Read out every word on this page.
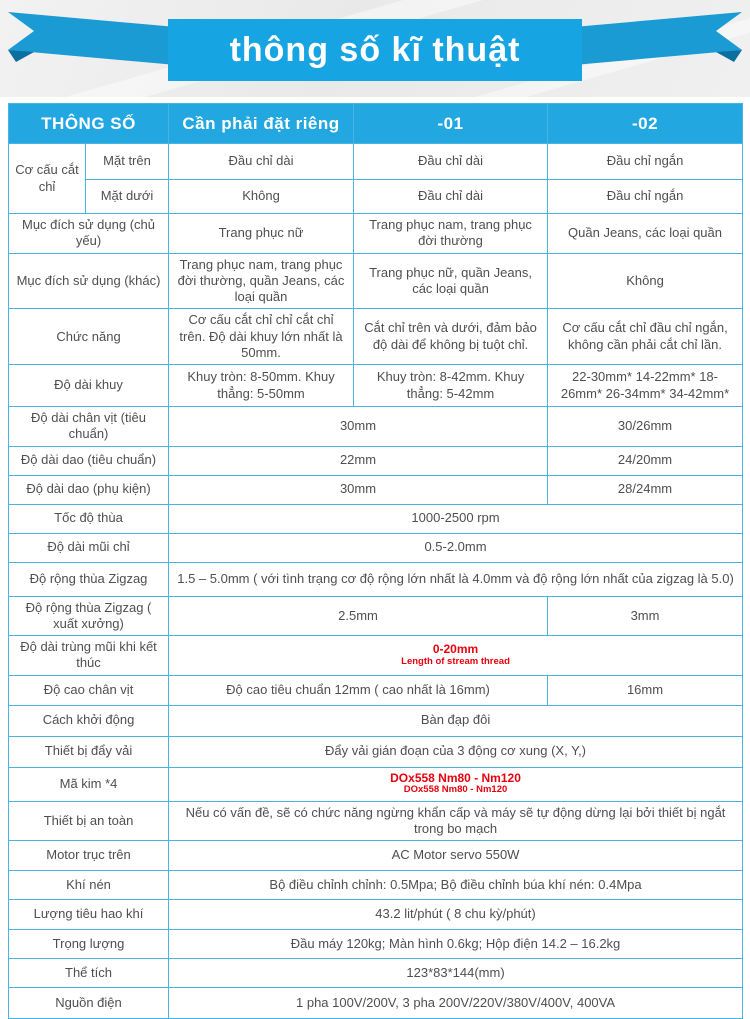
thông số kĩ thuật
THÔNG SỐ		Cần phải đặt riêng	-01	-02
Cơ cấu cắt chỉ	Mặt trên	Đầu chỉ dài	Đầu chỉ dài	Đầu chỉ ngắn
	Mặt dưới	Không	Đầu chỉ dài	Đầu chỉ ngắn
Mục đích sử dụng (chủ yếu)		Trang phục nữ	Trang phục nam, trang phục đời thường	Quần Jeans, các loại quần
Mục đích sử dụng (khác)		Trang phục nam, trang phục đời thường, quần Jeans, các loại quần	Trang phục nữ, quần Jeans, các loại quần	Không
Chức năng		Cơ cấu cắt chỉ chỉ cắt chỉ trên. Độ dài khuy lớn nhất là 50mm.	Cắt chỉ trên và dưới, đảm bảo độ dài để không bị tuột chỉ.	Cơ cấu cắt chỉ đầu chỉ ngắn, không cần phải cắt chỉ lần.
Độ dài khuy		Khuy tròn: 8-50mm. Khuy thẳng: 5-50mm	Khuy tròn: 8-42mm. Khuy thẳng: 5-42mm	22-30mm* 14-22mm* 18-26mm* 26-34mm* 34-42mm*
Độ dài chân vịt (tiêu chuẩn)		30mm		30/26mm
Độ dài dao (tiêu chuẩn)		22mm		24/20mm
Độ dài dao (phụ kiện)		30mm		28/24mm
Tốc độ thùa		1000-2500 rpm		
Độ dài mũi chỉ		0.5-2.0mm		
Độ rộng thùa Zigzag		1.5 – 5.0mm ( với tình trạng cơ độ rộng lớn nhất là 4.0mm và độ rộng lớn nhất của zigzag là 5.0)		
Độ rộng thùa Zigzag ( xuất xưởng)		2.5mm		3mm
Độ dài trùng mũi khi kết thúc		0-20mm
Length of stream thread		

Độ cao chân vịt		Độ cao tiêu chuẩn 12mm ( cao nhất là 16mm)		16mm
Cách khởi động		Bàn đạp đôi		
Thiết bị đẩy vải		Đẩy vải gián đoạn của 3 động cơ xung (X, Y,)		
Mã kim *4		DOx558 Nm80 - Nm120
DOx558 Nm80 - Nm120		

Thiết bị an toàn		Nếu có vấn đề, sẽ có chức năng ngừng khẩn cấp và máy sẽ tự động dừng lại bởi thiết bị ngắt trong bo mạch		
Motor trục trên		AC Motor servo 550W		
Khí nén		Bộ điều chỉnh chỉnh: 0.5Mpa; Bộ điều chỉnh búa khí nén: 0.4Mpa		
Lượng tiêu hao khí		43.2 lit/phút ( 8 chu kỳ/phút)		
Trọng lượng		Đầu máy 120kg; Màn hình 0.6kg; Hộp điện 14.2 – 16.2kg		
Thể tích		123*83*144(mm)		
Nguồn điện		1 pha 100V/200V, 3 pha 200V/220V/380V/400V, 400VA		
